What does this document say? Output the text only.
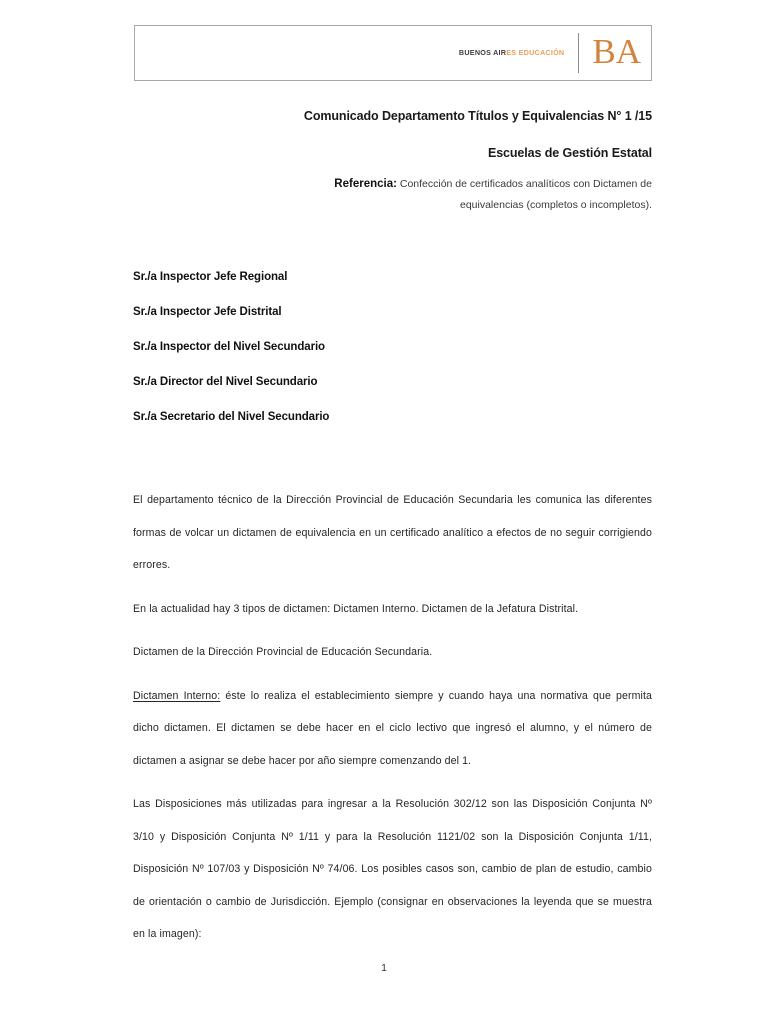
BUENOS AIRES EDUCACIÓN BA
Comunicado Departamento Títulos y Equivalencias N° 1 /15
Escuelas de Gestión Estatal
Referencia: Confección de certificados analíticos con Dictamen de equivalencias (completos o incompletos).
Sr./a Inspector Jefe Regional
Sr./a Inspector Jefe Distrital
Sr./a Inspector del Nivel Secundario
Sr./a Director del Nivel Secundario
Sr./a Secretario del Nivel Secundario

El departamento técnico de la Dirección Provincial de Educación Secundaria les comunica las diferentes formas de volcar un dictamen de equivalencia en un certificado analítico a efectos de no seguir corrigiendo errores.

En la actualidad hay 3 tipos de dictamen: Dictamen Interno. Dictamen de la Jefatura Distrital.

Dictamen de la Dirección Provincial de Educación Secundaria.

Dictamen Interno: éste lo realiza el establecimiento siempre y cuando haya una normativa que permita dicho dictamen. El dictamen se debe hacer en el ciclo lectivo que ingresó el alumno, y el número de dictamen a asignar se debe hacer por año siempre comenzando del 1.

Las Disposiciones más utilizadas para ingresar a la Resolución 302/12 son las Disposición Conjunta Nº 3/10 y Disposición Conjunta Nº 1/11 y para la Resolución 1121/02 son la Disposición Conjunta 1/11, Disposición Nº 107/03 y Disposición Nº 74/06. Los posibles casos son, cambio de plan de estudio, cambio de orientación o cambio de Jurisdicción. Ejemplo (consignar en observaciones la leyenda que se muestra en la imagen):

1
